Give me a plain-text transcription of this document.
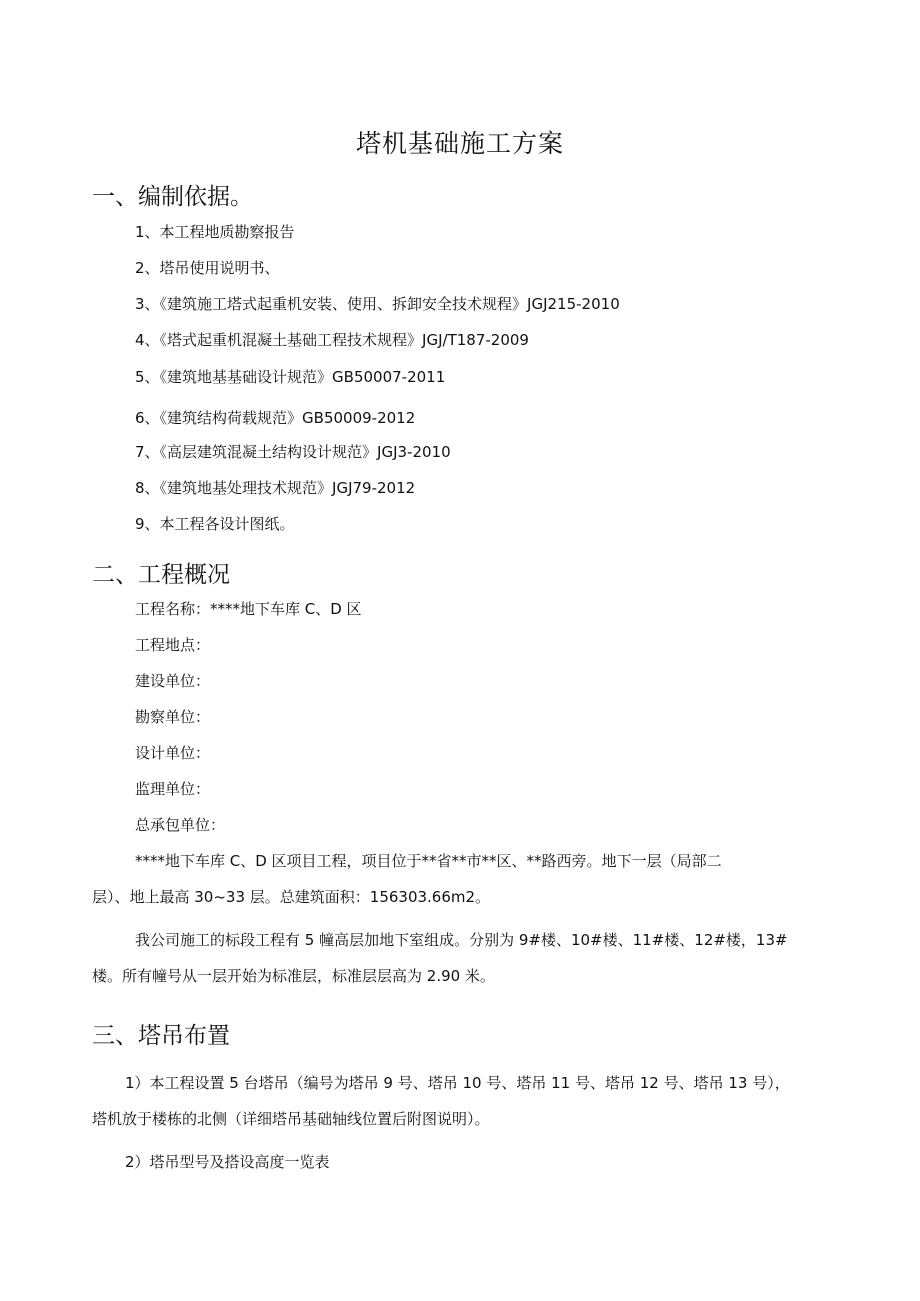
塔机基础施工方案
一、编制依据。
1、本工程地质勘察报告
2、塔吊使用说明书、
3、《建筑施工塔式起重机安装、使用、拆卸安全技术规程》JGJ215-2010
4、《塔式起重机混凝土基础工程技术规程》JGJ/T187-2009
5、《建筑地基基础设计规范》GB50007-2011
6、《建筑结构荷载规范》GB50009-2012
7、《高层建筑混凝土结构设计规范》JGJ3-2010
8、《建筑地基处理技术规范》JGJ79-2012
9、本工程各设计图纸。
二、工程概况
工程名称：****地下车库 C、D 区
工程地点：
建设单位：
勘察单位：
设计单位：
监理单位：
总承包单位：
****地下车库 C、D 区项目工程，项目位于**省**市**区、**路西旁。地下一层（局部二
层）、地上最高 30~33 层。总建筑面积：156303.66m2。
我公司施工的标段工程有 5 幢高层加地下室组成。分别为 9#楼、10#楼、11#楼、12#楼，13#
楼。所有幢号从一层开始为标准层，标准层层高为 2.90 米。
三、塔吊布置
1）本工程设置 5 台塔吊（编号为塔吊 9 号、塔吊 10 号、塔吊 11 号、塔吊 12 号、塔吊 13 号），
塔机放于楼栋的北侧（详细塔吊基础轴线位置后附图说明）。
2）塔吊型号及搭设高度一览表
